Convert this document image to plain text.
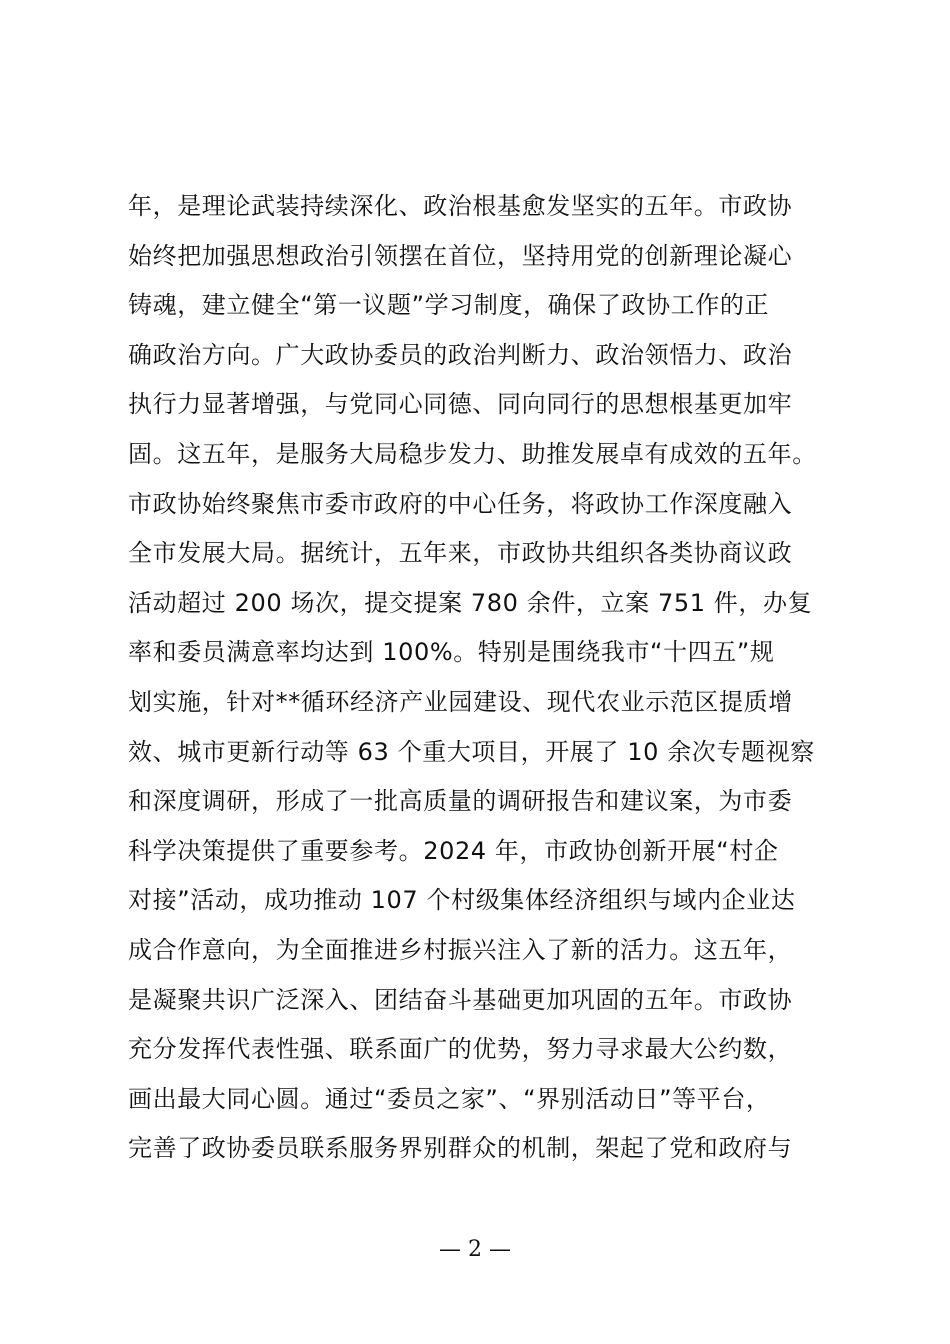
年，是理论武装持续深化、政治根基愈发坚实的五年。市政协
始终把加强思想政治引领摆在首位，坚持用党的创新理论凝心
铸魂，建立健全“第一议题”学习制度，确保了政协工作的正
确政治方向。广大政协委员的政治判断力、政治领悟力、政治
执行力显著增强，与党同心同德、同向同行的思想根基更加牢
固。这五年，是服务大局稳步发力、助推发展卓有成效的五年。
市政协始终聚焦市委市政府的中心任务，将政协工作深度融入
全市发展大局。据统计，五年来，市政协共组织各类协商议政
活动超过 200 场次，提交提案 780 余件，立案 751 件，办复
率和委员满意率均达到 100%。特别是围绕我市“十四五”规
划实施，针对**循环经济产业园建设、现代农业示范区提质增
效、城市更新行动等 63 个重大项目，开展了 10 余次专题视察
和深度调研，形成了一批高质量的调研报告和建议案，为市委
科学决策提供了重要参考。2024 年，市政协创新开展“村企
对接”活动，成功推动 107 个村级集体经济组织与域内企业达
成合作意向，为全面推进乡村振兴注入了新的活力。这五年，
是凝聚共识广泛深入、团结奋斗基础更加巩固的五年。市政协
充分发挥代表性强、联系面广的优势，努力寻求最大公约数，
画出最大同心圆。通过“委员之家”、“界别活动日”等平台，
完善了政协委员联系服务界别群众的机制，架起了党和政府与
— 2 —
